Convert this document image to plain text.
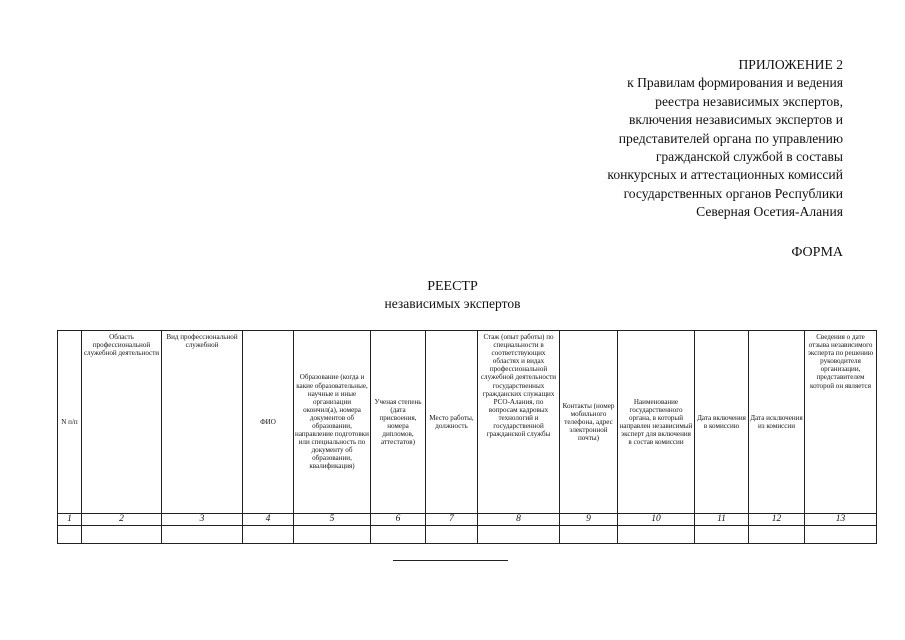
ПРИЛОЖЕНИЕ 2
к Правилам формирования и ведения
реестра независимых экспертов,
включения независимых экспертов и
представителей органа по управлению
гражданской службой в составы
конкурсных и аттестационных комиссий
государственных органов Республики
Северная Осетия-Алания
ФОРМА
РЕЕСТР
независимых экспертов
N п/п	Область профессиональной служебной деятельности	Вид профессиональной служебной	ФИО	Образование (когда и какие образовательные, научные и иные организации окончил(а), номера документов об образовании, направление подготовки или специальность по документу об образовании, квалификация)	Ученая степень (дата присвоения, номера дипломов, аттестатов)	Место работы, должность	Стаж (опыт работы) по специальности в соответствующих областях и видах профессиональной служебной деятельности государственных гражданских служащих РСО-Алания, по вопросам кадровых технологий и государственной гражданской службы	Контакты (номер мобильного телефона, адрес электронной почты)	Наименование государственного органа, в который направлен независимый эксперт для включения в состав комиссии	Дата включения в комиссию	Дата исключения из комиссии	Сведения о дате отзыва независимого эксперта по решению руководителя организации, представителем которой он является
1	2	3	4	5	6	7	8	9	10	11	12	13
